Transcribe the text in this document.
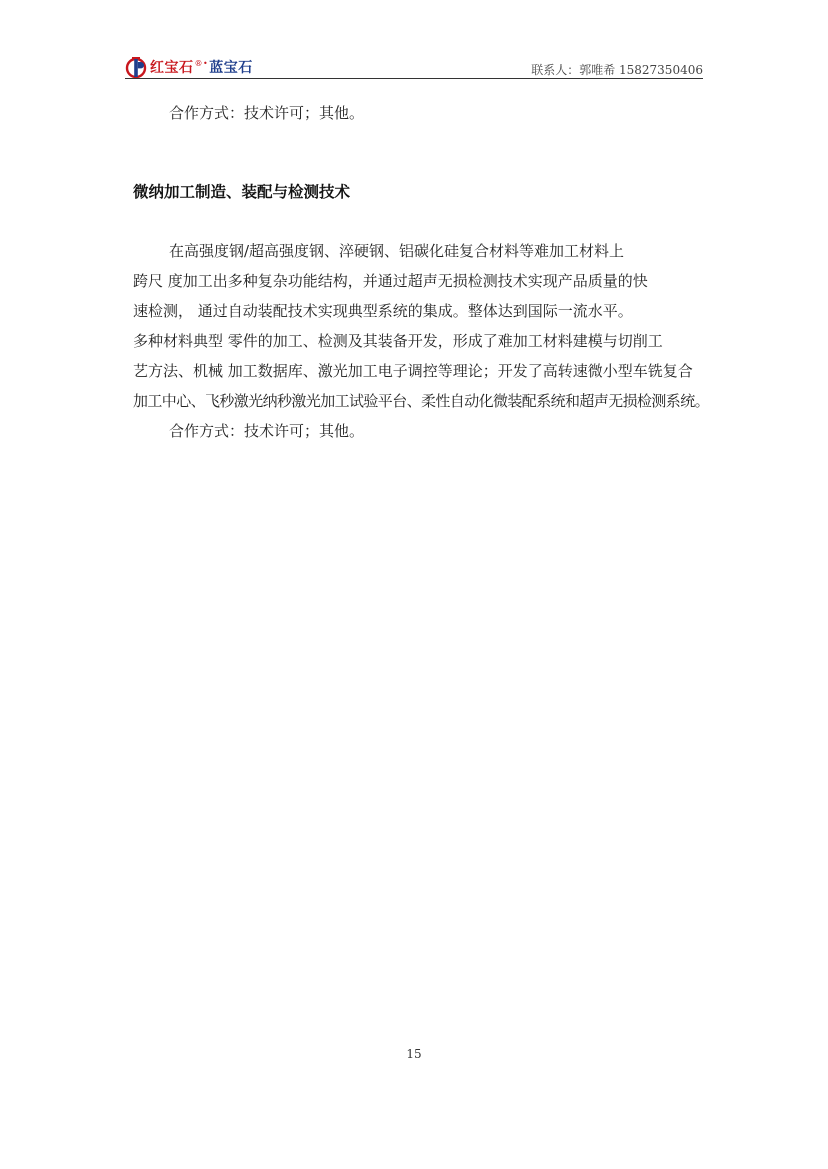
红宝石®•蓝宝石	联系人：郭唯希 15827350406
合作方式：技术许可；其他。
微纳加工制造、装配与检测技术
在高强度钢/超高强度钢、淬硬钢、铝碳化硅复合材料等难加工材料上
跨尺 度加工出多种复杂功能结构，并通过超声无损检测技术实现产品质量的快
速检测， 通过自动装配技术实现典型系统的集成。整体达到国际一流水平。
多种材料典型 零件的加工、检测及其装备开发，形成了难加工材料建模与切削工
艺方法、机械 加工数据库、激光加工电子调控等理论；开发了高转速微小型车铣复合
加工中心、飞秒激光纳秒激光加工试验平台、柔性自动化微装配系统和超声无损检测系统。
合作方式：技术许可；其他。
15
